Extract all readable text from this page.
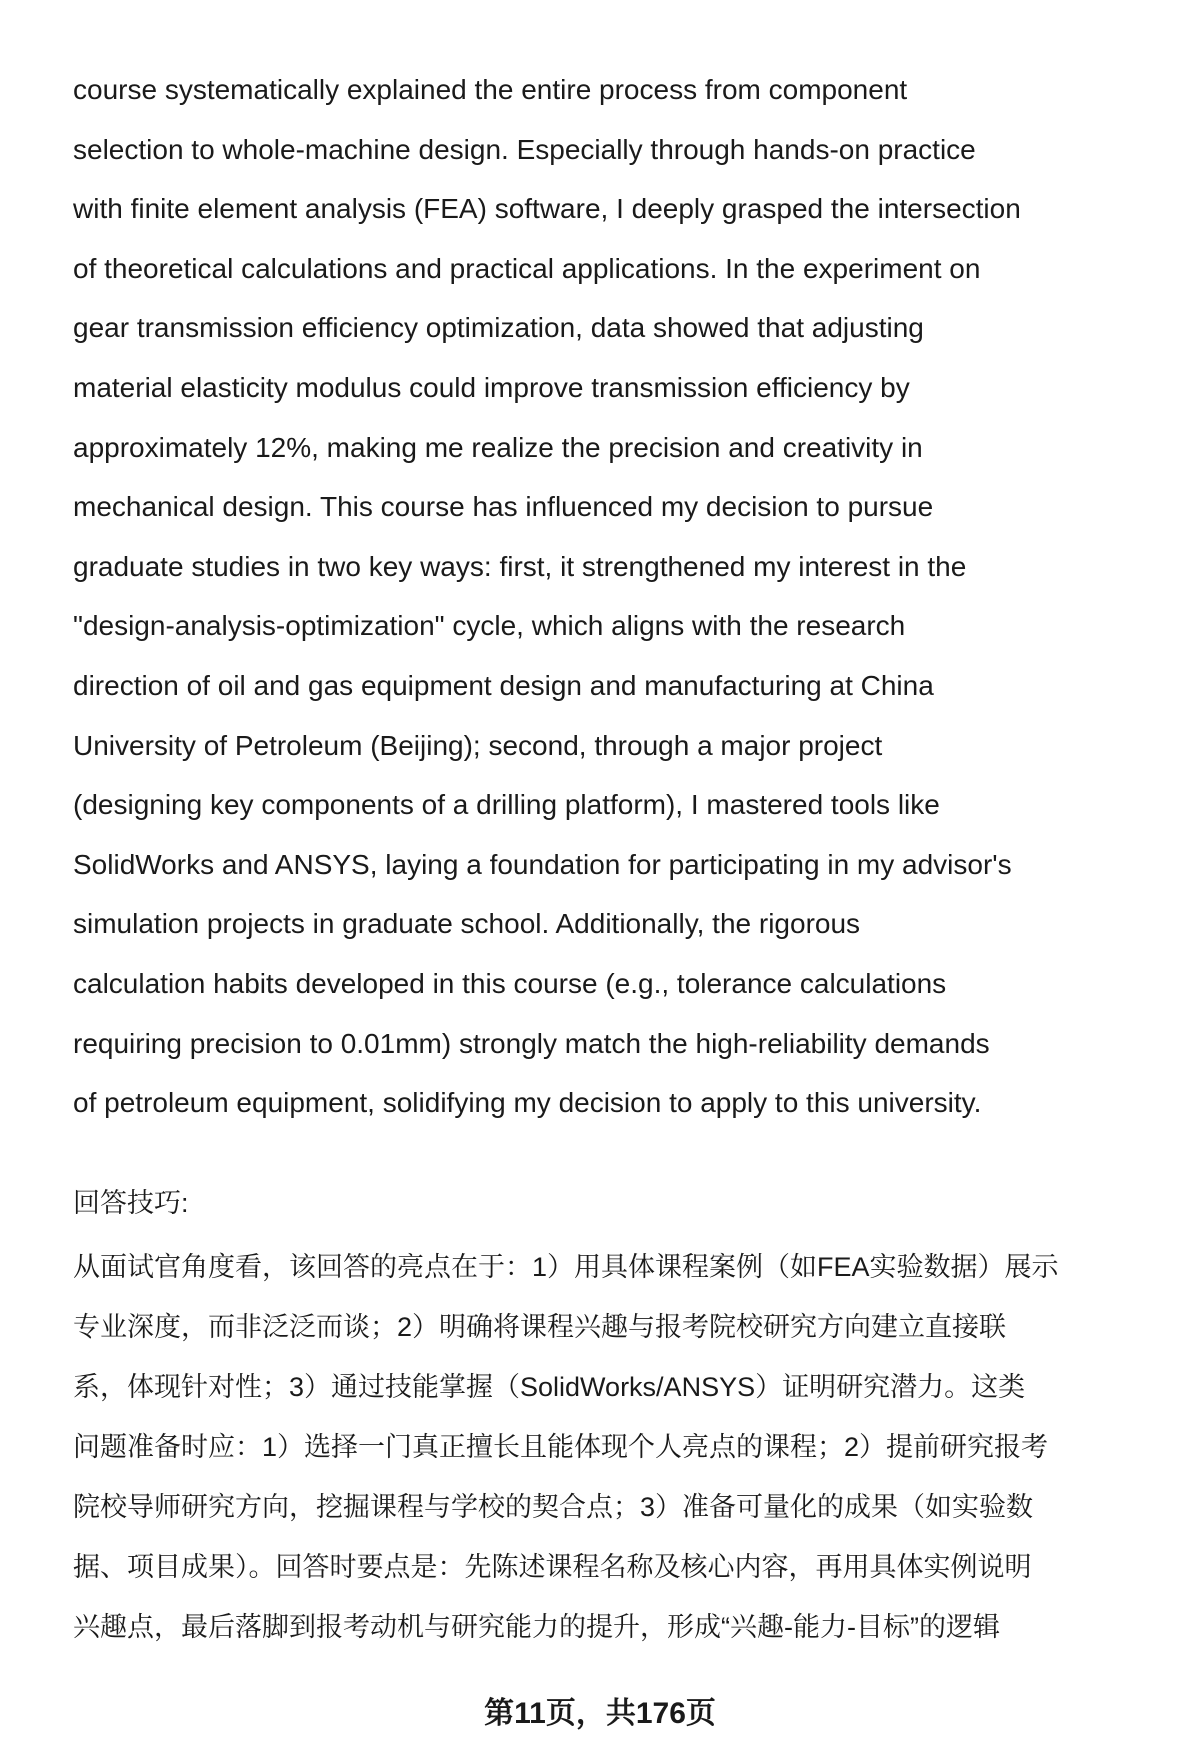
course systematically explained the entire process from component
selection to whole-machine design. Especially through hands-on practice
with finite element analysis (FEA) software, I deeply grasped the intersection
of theoretical calculations and practical applications. In the experiment on
gear transmission efficiency optimization, data showed that adjusting
material elasticity modulus could improve transmission efficiency by
approximately 12%, making me realize the precision and creativity in
mechanical design. This course has influenced my decision to pursue
graduate studies in two key ways: first, it strengthened my interest in the
"design-analysis-optimization" cycle, which aligns with the research
direction of oil and gas equipment design and manufacturing at China
University of Petroleum (Beijing); second, through a major project
(designing key components of a drilling platform), I mastered tools like
SolidWorks and ANSYS, laying a foundation for participating in my advisor's
simulation projects in graduate school. Additionally, the rigorous
calculation habits developed in this course (e.g., tolerance calculations
requiring precision to 0.01mm) strongly match the high-reliability demands
of petroleum equipment, solidifying my decision to apply to this university.
回答技巧:
从面试官角度看，该回答的亮点在于：1）用具体课程案例（如FEA实验数据）展示
专业深度，而非泛泛而谈；2）明确将课程兴趣与报考院校研究方向建立直接联
系，体现针对性；3）通过技能掌握（SolidWorks/ANSYS）证明研究潜力。这类
问题准备时应：1）选择一门真正擅长且能体现个人亮点的课程；2）提前研究报考
院校导师研究方向，挖掘课程与学校的契合点；3）准备可量化的成果（如实验数
据、项目成果）。回答时要点是：先陈述课程名称及核心内容，再用具体实例说明
兴趣点，最后落脚到报考动机与研究能力的提升，形成“兴趣-能力-目标”的逻辑
第11页，共176页
